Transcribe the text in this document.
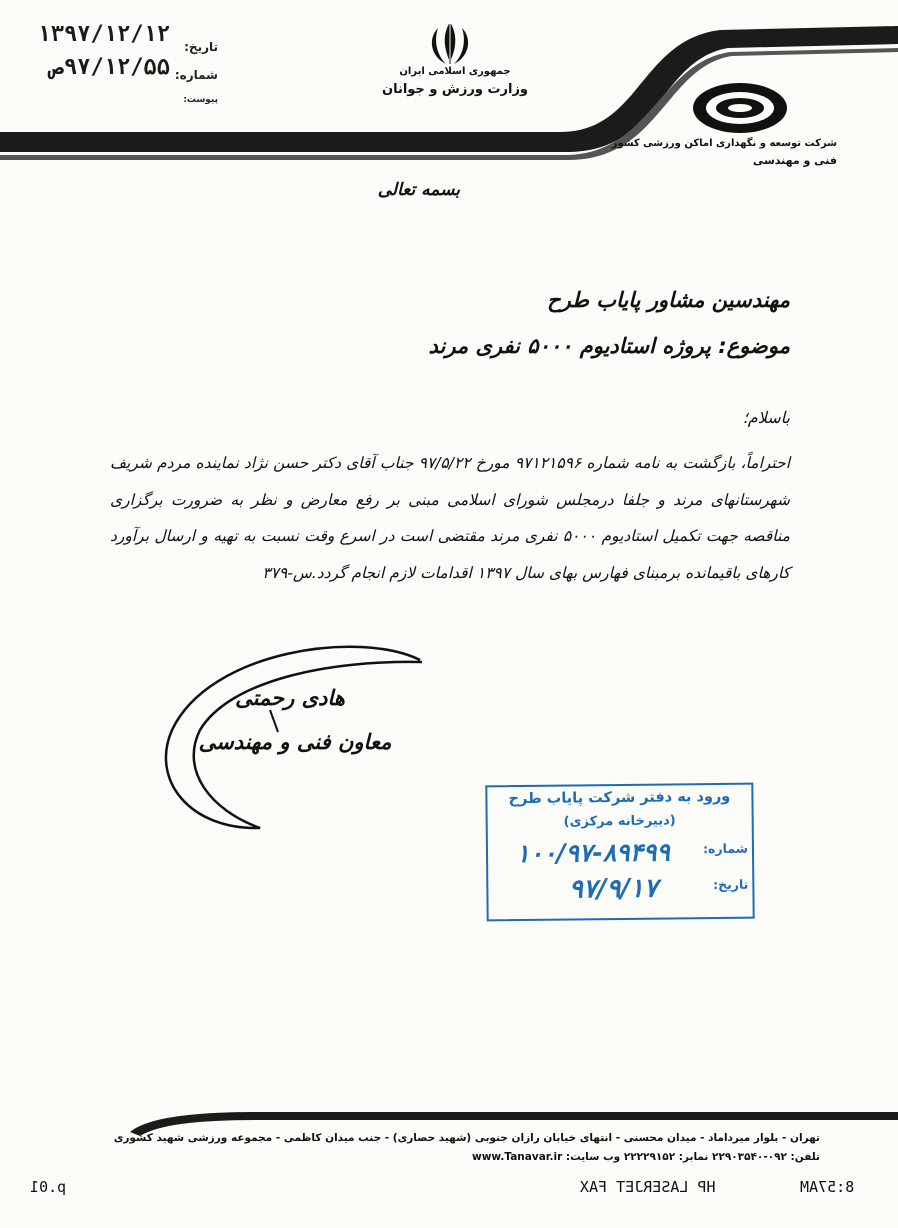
تاریخ:
۱۳۹۷/۱۲/۱۲
شماره:
۹۷/۱۲/۵۵ص
پیوست:
جمهوری اسلامی ایران
وزارت ورزش و جوانان
شرکت توسعه و نگهداری اماکن ورزشی کشور
فنی و مهندسی
بسمه تعالی
مهندسین مشاور پایاب طرح
موضوع: پروژه استادیوم ۵۰۰۰ نفری مرند
باسلام؛
احتراماً، بازگشت به نامه شماره ۹۷۱۲۱۵۹۶ مورخ ۹۷/۵/۲۲ جناب آقای دکتر حسن نژاد نماینده مردم شریف شهرستانهای مرند و جلفا درمجلس شورای اسلامی مبنی بر رفع معارض و نظر به ضرورت برگزاری مناقصه جهت تکمیل استادیوم ۵۰۰۰ نفری مرند مقتضی است در اسرع وقت نسبت به تهیه و ارسال برآورد کارهای باقیمانده برمبنای فهارس بهای سال ۱۳۹۷ اقدامات لازم انجام گردد.س-۳۷۹
هادی رحمتی
معاون فنی و مهندسی
ورود به دفتر شرکت پایاب طرح
(دبیرخانه مرکزی)
شماره:
۱۰۰/۹۷-۸۹۴۹۹
تاریخ:
۹۷/۹/۱۷
تهران - بلوار میرداماد - میدان محسنی - انتهای خیابان رازان جنوبی (شهید حصاری) - جنب میدان کاظمی - مجموعه ورزشی شهید کشوری
تلفن: ۰۹۲-۲۲۹۰۳۵۴۰ نمابر: ۲۲۲۲۹۱۵۲ وب سایت: www.Tanavar.ir
8:57AM
HP LASERJET FAX
p.01
